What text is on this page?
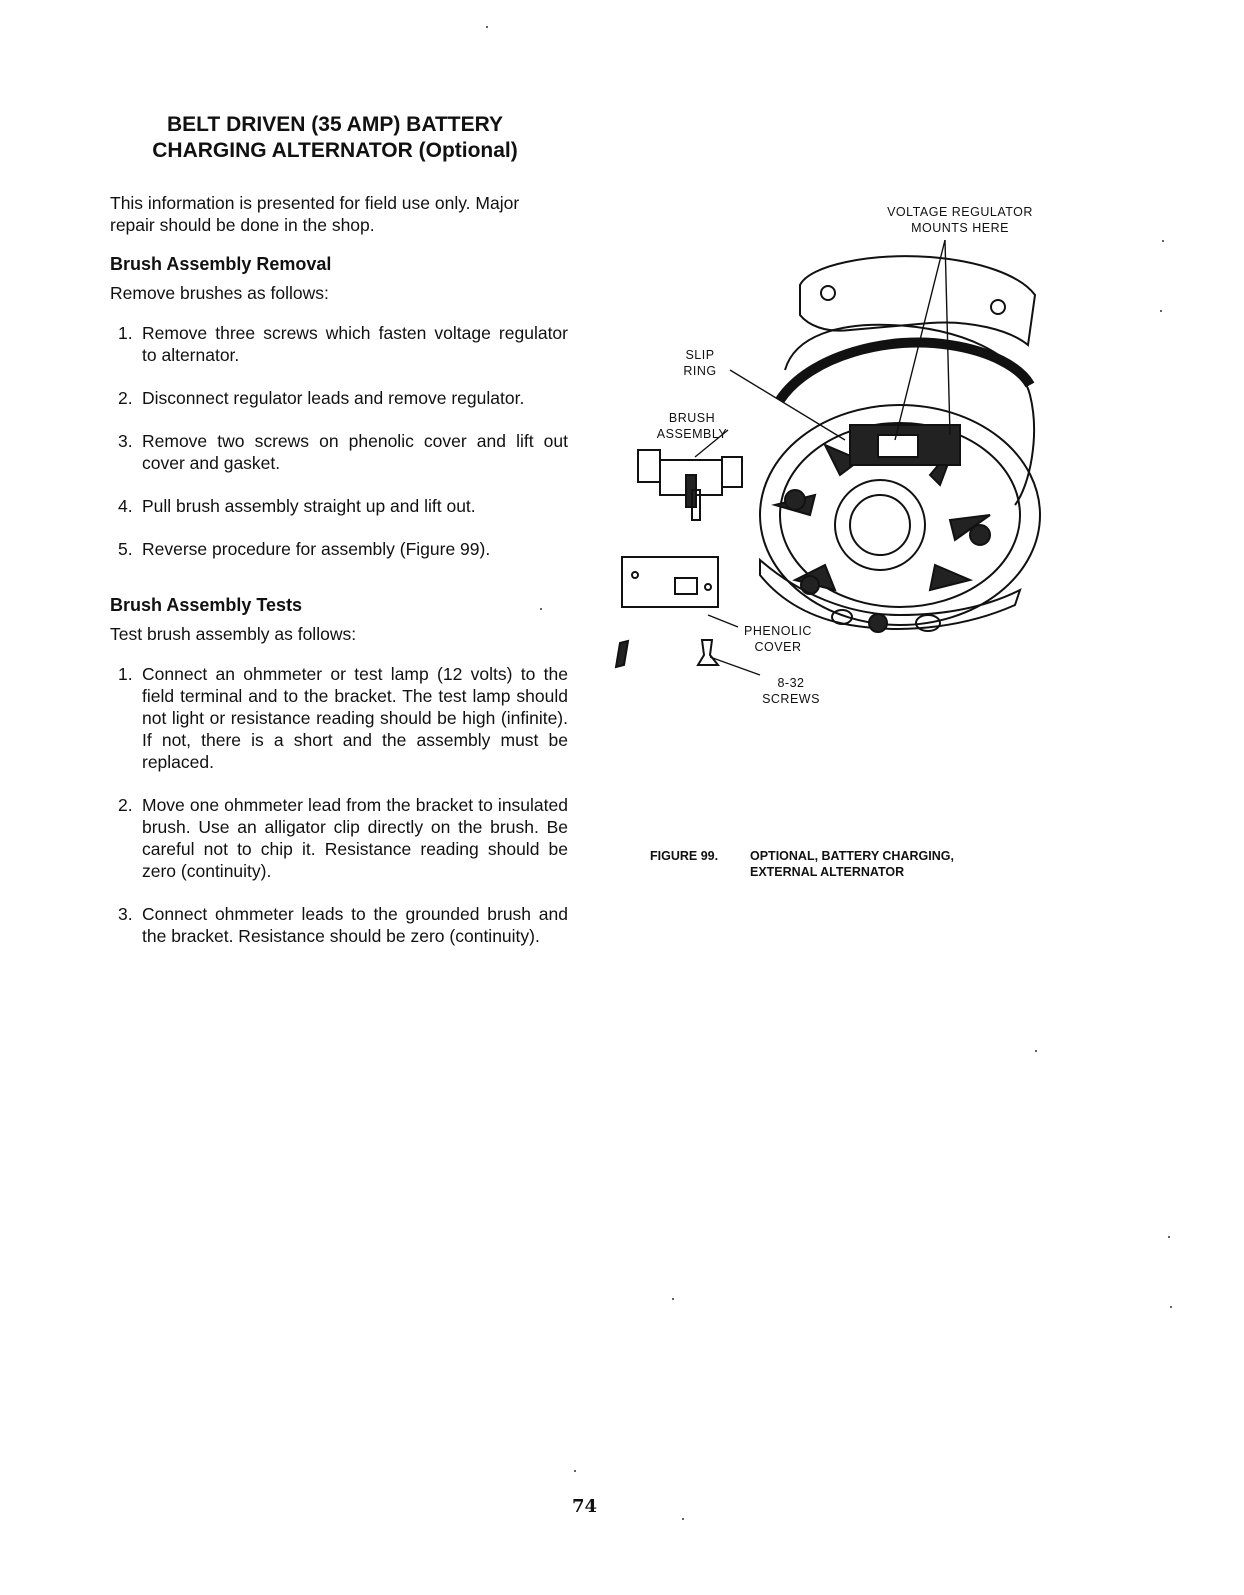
BELT DRIVEN (35 AMP) BATTERY
CHARGING ALTERNATOR (Optional)

This information is presented for field use only. Major repair should be done in the shop.

Brush Assembly Removal

Remove brushes as follows:

1. Remove three screws which fasten voltage regulator to alternator.
2. Disconnect regulator leads and remove regulator.
3. Remove two screws on phenolic cover and lift out cover and gasket.
4. Pull brush assembly straight up and lift out.
5. Reverse procedure for assembly (Figure 99).
Brush Assembly Tests

Test brush assembly as follows:

1. Connect an ohmmeter or test lamp (12 volts) to the field terminal and to the bracket. The test lamp should not light or resistance reading should be high (infinite). If not, there is a short and the assembly must be replaced.
2. Move one ohmmeter lead from the bracket to insulated brush. Use an alligator clip directly on the brush. Be careful not to chip it. Resistance reading should be zero (continuity).
3. Connect ohmmeter leads to the grounded brush and the bracket. Resistance should be zero (continuity).
VOLTAGE REGULATOR
MOUNTS HERE
SLIP
RING
BRUSH
ASSEMBLY
PHENOLIC
COVER
8-32
SCREWS
FIGURE 99.	OPTIONAL, BATTERY CHARGING,
EXTERNAL ALTERNATOR
74
